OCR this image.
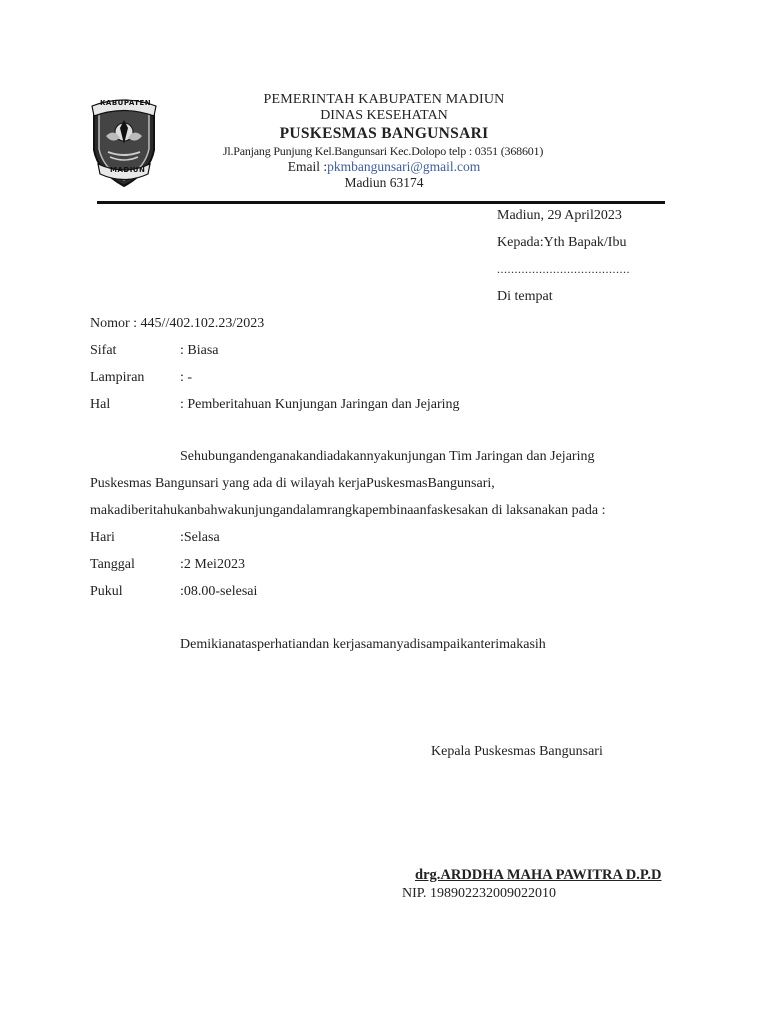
KABUPATEN
MADIUN
PEMERINTAH KABUPATEN MADIUN
DINAS KESEHATAN
PUSKESMAS BANGUNSARI
Jl.Panjang Punjung Kel.Bangunsari Kec.Dolopo telp : 0351 (368601)
Email :pkmbangunsari@gmail.com
Madiun 63174
Madiun, 29 April2023
Kepada:Yth Bapak/Ibu
......................................
Di tempat
Nomor : 445//402.102.23/2023
Sifat	: Biasa
Lampiran	: -
Hal	: Pemberitahuan Kunjungan Jaringan dan Jejaring
Sehubungandenganakandiadakannyakunjungan Tim Jaringan dan Jejaring
Puskesmas Bangunsari yang ada di wilayah kerjaPuskesmasBangunsari,
makadiberitahukanbahwakunjungandalamrangkapembinaanfaskesakan di laksanakan pada :
Hari	:Selasa
Tanggal	:2 Mei2023
Pukul	:08.00-selesai
Demikianatasperhatiandan kerjasamanyadisampaikanterimakasih
Kepala Puskesmas Bangunsari
drg.ARDDHA MAHA PAWITRA D.P.D
NIP. 198902232009022010
